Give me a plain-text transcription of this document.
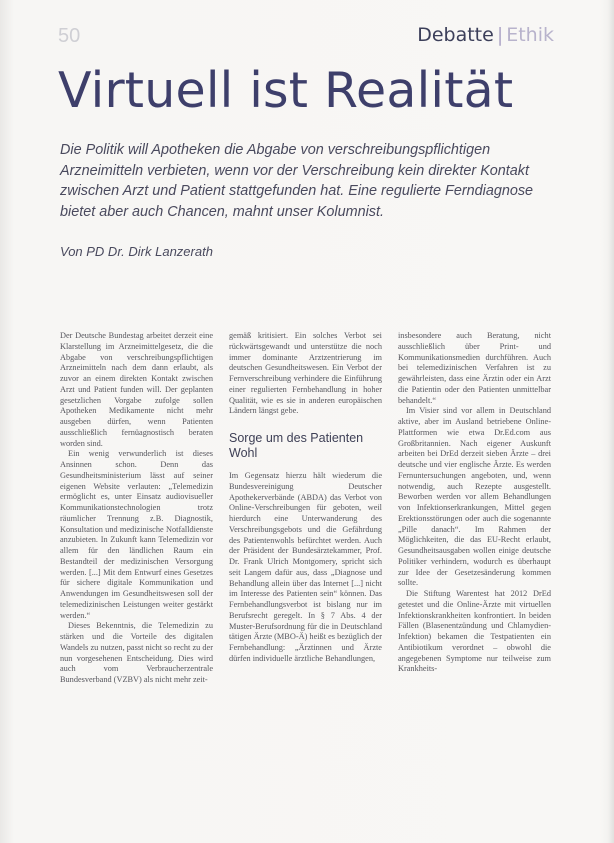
50	Debatte | Ethik
Virtuell ist Realität

Die Politik will Apotheken die Abgabe von verschreibungspflichtigen Arzneimitteln verbieten, wenn vor der Verschreibung kein direkter Kontakt zwischen Arzt und Patient stattgefunden hat. Eine regulierte Ferndiagnose bietet aber auch Chancen, mahnt unser Kolumnist.

Von PD Dr. Dirk Lanzerath

Der Deutsche Bundestag arbeitet derzeit eine Klarstellung im Arzneimittelgesetz, die die Abgabe von verschreibungspflichtigen Arzneimitteln nach dem dann erlaubt, als zuvor an einem direkten Kontakt zwischen Arzt und Patient funden will. Der geplanten gesetzlichen Vorgabe zufolge sollen Apotheken Medikamente nicht mehr ausgeben dürfen, wenn Patienten ausschließlich fernüagnostisch beraten worden sind.

Ein wenig verwunderlich ist dieses Ansinnen schon. Denn das Gesundheitsministerium lässt auf seiner eigenen Website verlauten: „Telemedizin ermöglicht es, unter Einsatz audiovisueller Kommunikationstechnologien trotz räumlicher Trennung z.B. Diagnostik, Konsultation und medizinische Notfalldienste anzubieten. In Zukunft kann Telemedizin vor allem für den ländlichen Raum ein Bestandteil der medizinischen Versorgung werden. [...] Mit dem Entwurf eines Gesetzes für sichere digitale Kommunikation und Anwendungen im Gesundheitswesen soll der telemedizinischen Leistungen weiter gestärkt werden.“

Dieses Bekenntnis, die Telemedizin zu stärken und die Vorteile des digitalen Wandels zu nutzen, passt nicht so recht zu der nun vorgesehenen Entscheidung. Dies wird auch vom Verbraucherzentrale Bundesverband (VZBV) als nicht mehr zeit-

gemäß kritisiert. Ein solches Verbot sei rückwärtsgewandt und unterstütze die noch immer dominante Arztzentrierung im deutschen Gesundheitswesen. Ein Verbot der Fernverschreibung verhindere die Einführung einer regulierten Fernbehandlung in hoher Qualität, wie es sie in anderen europäischen Ländern längst gebe.

Sorge um des Patienten Wohl

Im Gegensatz hierzu hält wiederum die Bundesvereinigung Deutscher Apothekerverbände (ABDA) das Verbot von Online-Verschreibungen für geboten, weil hierdurch eine Unterwanderung des Verschreibungsgebots und die Gefährdung des Patientenwohls befürchtet werden. Auch der Präsident der Bundesärztekammer, Prof. Dr. Frank Ulrich Montgomery, spricht sich seit Langem dafür aus, dass „Diagnose und Behandlung allein über das Internet [...] nicht im Interesse des Patienten sein“ können. Das Fernbehandlungsverbot ist bislang nur im Berufsrecht geregelt. In § 7 Abs. 4 der Muster-Berufsordnung für die in Deutschland tätigen Ärzte (MBO-Ä) heißt es bezüglich der Fernbehandlung: „Ärztinnen und Ärzte dürfen individuelle ärztliche Behandlungen,

insbesondere auch Beratung, nicht ausschließlich über Print- und Kommunikationsmedien durchführen. Auch bei telemedizinischen Verfahren ist zu gewährleisten, dass eine Ärztin oder ein Arzt die Patientin oder den Patienten unmittelbar behandelt.“

Im Visier sind vor allem in Deutschland aktive, aber im Ausland betriebene Online-Plattformen wie etwa Dr.Ed.com aus Großbritannien. Nach eigener Auskunft arbeiten bei DrEd derzeit sieben Ärzte – drei deutsche und vier englische Ärzte. Es werden Fernuntersuchungen angeboten, und, wenn notwendig, auch Rezepte ausgestellt. Beworben werden vor allem Behandlungen von Infektionserkrankungen, Mittel gegen Erektionsstörungen oder auch die sogenannte „Pille danach“. Im Rahmen der Möglichkeiten, die das EU-Recht erlaubt, Gesundheitsausgaben wollen einige deutsche Politiker verhindern, wodurch es überhaupt zur Idee der Gesetzesänderung kommen sollte.

Die Stiftung Warentest hat 2012 DrEd getestet und die Online-Ärzte mit virtuellen Infektionskrankheiten konfrontiert. In beiden Fällen (Blasenentzündung und Chlamydien-Infektion) bekamen die Testpatienten ein Antibiotikum verordnet – obwohl die angegebenen Symptome nur teilweise zum Krankheits-
